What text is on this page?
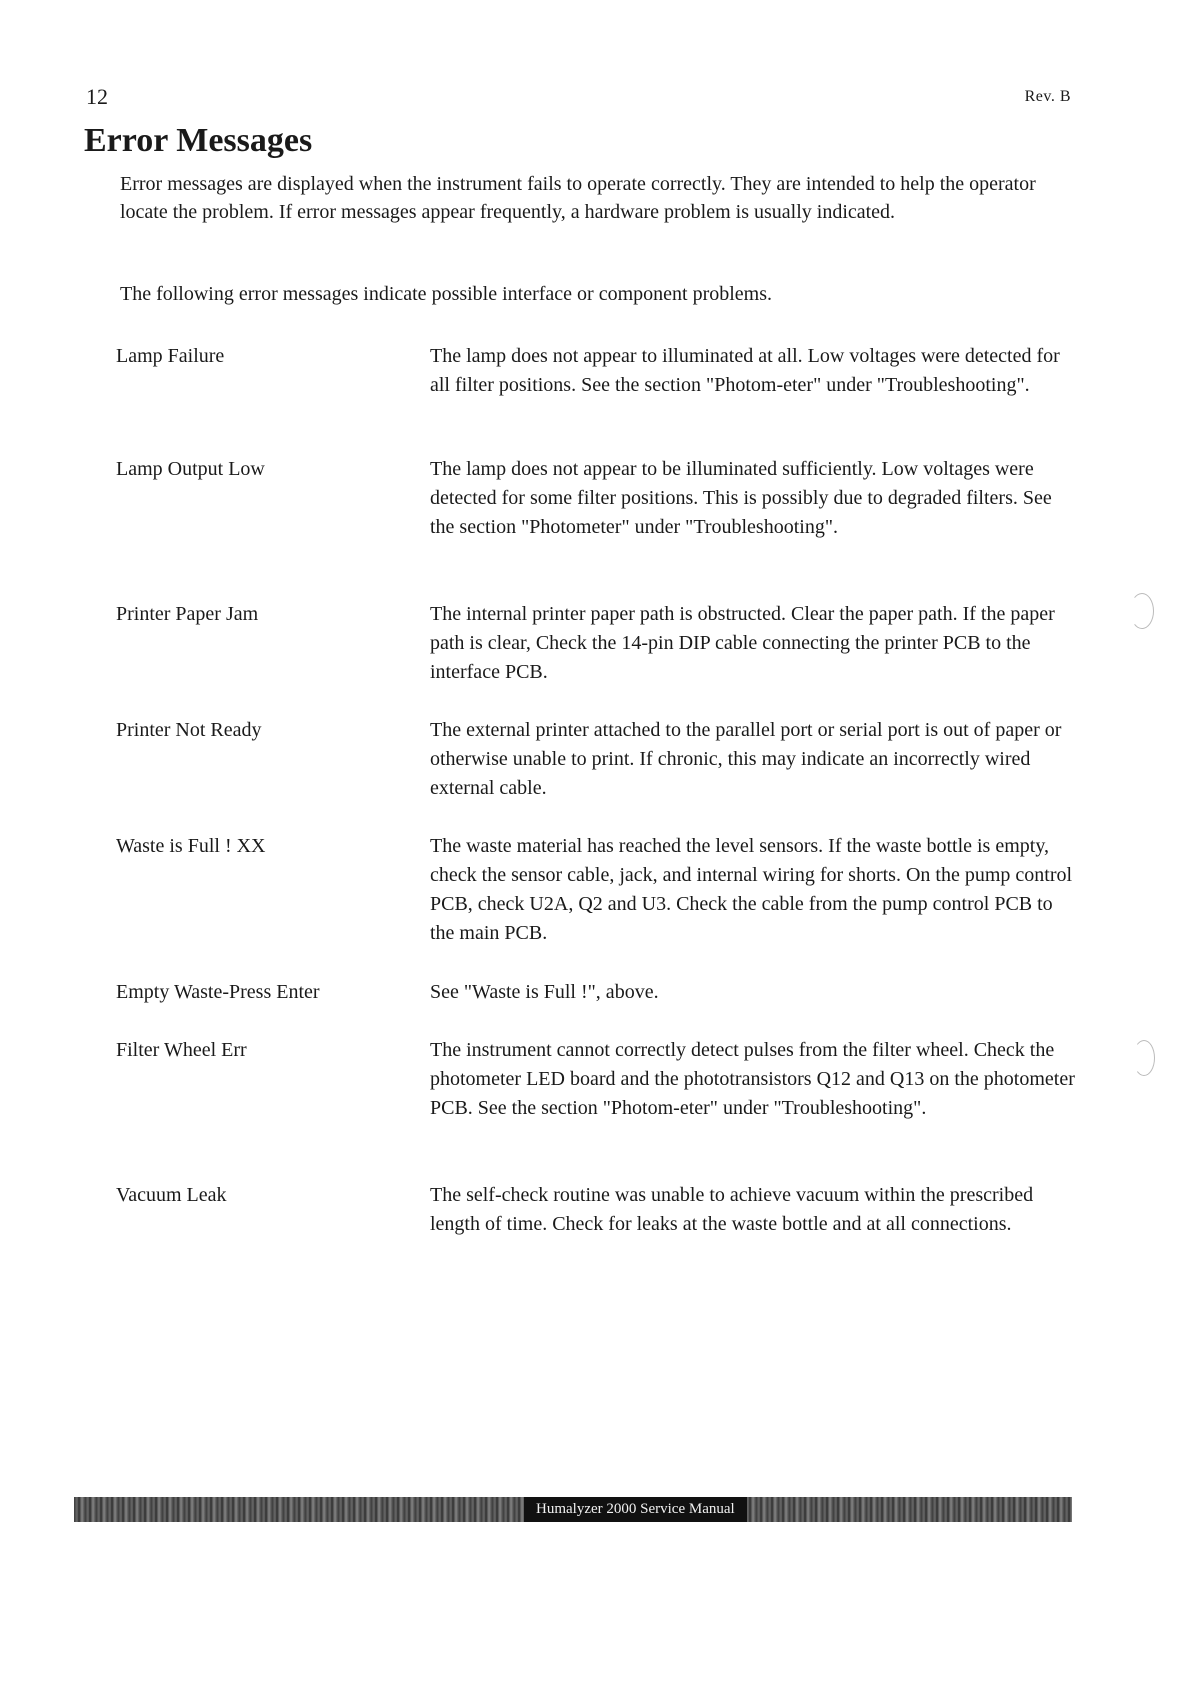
12	Rev. B
Error Messages

Error messages are displayed when the instrument fails to operate correctly. They are intended to help the operator locate the problem. If error messages appear frequently, a hardware problem is usually indicated.

The following error messages indicate possible interface or component problems.

Lamp Failure	The lamp does not appear to illuminated at all. Low voltages were detected for all filter positions. See the section "Photom-eter" under "Troubleshooting".
Lamp Output Low	The lamp does not appear to be illuminated sufficiently. Low voltages were detected for some filter positions. This is possibly due to degraded filters. See the section "Photometer" under "Troubleshooting".
Printer Paper Jam	The internal printer paper path is obstructed. Clear the paper path. If the paper path is clear, Check the 14-pin DIP cable connecting the printer PCB to the interface PCB.
Printer Not Ready	The external printer attached to the parallel port or serial port is out of paper or otherwise unable to print. If chronic, this may indicate an incorrectly wired external cable.
Waste is Full ! XX	The waste material has reached the level sensors. If the waste bottle is empty, check the sensor cable, jack, and internal wiring for shorts. On the pump control PCB, check U2A, Q2 and U3. Check the cable from the pump control PCB to the main PCB.
Empty Waste-Press Enter	See "Waste is Full !", above.
Filter Wheel Err	The instrument cannot correctly detect pulses from the filter wheel. Check the photometer LED board and the phototransistors Q12 and Q13 on the photometer PCB. See the section "Photom-eter" under "Troubleshooting".
Vacuum Leak	The self-check routine was unable to achieve vacuum within the prescribed length of time. Check for leaks at the waste bottle and at all connections.
Humalyzer 2000 Service Manual
